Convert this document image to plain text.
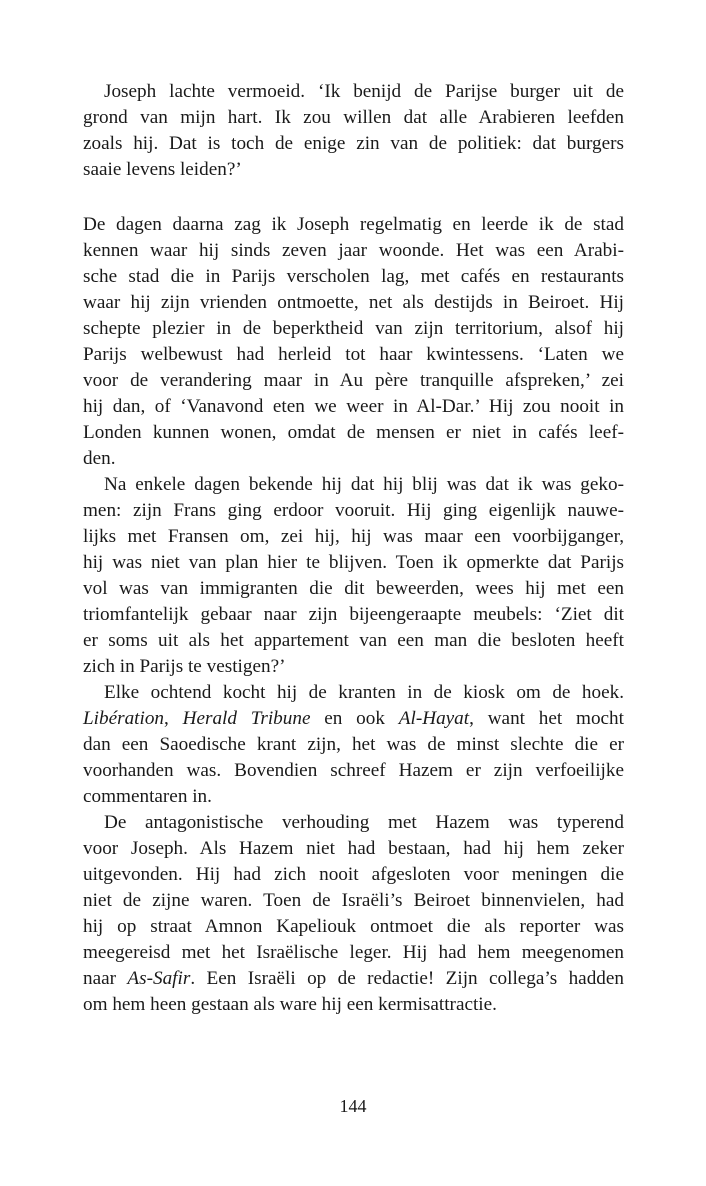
Joseph lachte vermoeid. ‘Ik benijd de Parijse burger uit de
grond van mijn hart. Ik zou willen dat alle Arabieren leefden
zoals hij. Dat is toch de enige zin van de politiek: dat burgers
saaie levens leiden?’
De dagen daarna zag ik Joseph regelmatig en leerde ik de stad
kennen waar hij sinds zeven jaar woonde. Het was een Arabi-
sche stad die in Parijs verscholen lag, met cafés en restaurants
waar hij zijn vrienden ontmoette, net als destijds in Beiroet. Hij
schepte plezier in de beperktheid van zijn territorium, alsof hij
Parijs welbewust had herleid tot haar kwintessens. ‘Laten we
voor de verandering maar in Au père tranquille afspreken,’ zei
hij dan, of ‘Vanavond eten we weer in Al-Dar.’ Hij zou nooit in
Londen kunnen wonen, omdat de mensen er niet in cafés leef-
den.
Na enkele dagen bekende hij dat hij blij was dat ik was geko-
men: zijn Frans ging erdoor vooruit. Hij ging eigenlijk nauwe-
lijks met Fransen om, zei hij, hij was maar een voorbijganger,
hij was niet van plan hier te blijven. Toen ik opmerkte dat Parijs
vol was van immigranten die dit beweerden, wees hij met een
triomfantelijk gebaar naar zijn bijeengeraapte meubels: ‘Ziet dit
er soms uit als het appartement van een man die besloten heeft
zich in Parijs te vestigen?’
Elke ochtend kocht hij de kranten in de kiosk om de hoek.
Libération, Herald Tribune en ook Al-Hayat, want het mocht
dan een Saoedische krant zijn, het was de minst slechte die er
voorhanden was. Bovendien schreef Hazem er zijn verfoeilijke
commentaren in.
De antagonistische verhouding met Hazem was typerend
voor Joseph. Als Hazem niet had bestaan, had hij hem zeker
uitgevonden. Hij had zich nooit afgesloten voor meningen die
niet de zijne waren. Toen de Israëli’s Beiroet binnenvielen, had
hij op straat Amnon Kapeliouk ontmoet die als reporter was
meegereisd met het Israëlische leger. Hij had hem meegenomen
naar As-Safir. Een Israëli op de redactie! Zijn collega’s hadden
om hem heen gestaan als ware hij een kermisattractie.
144
